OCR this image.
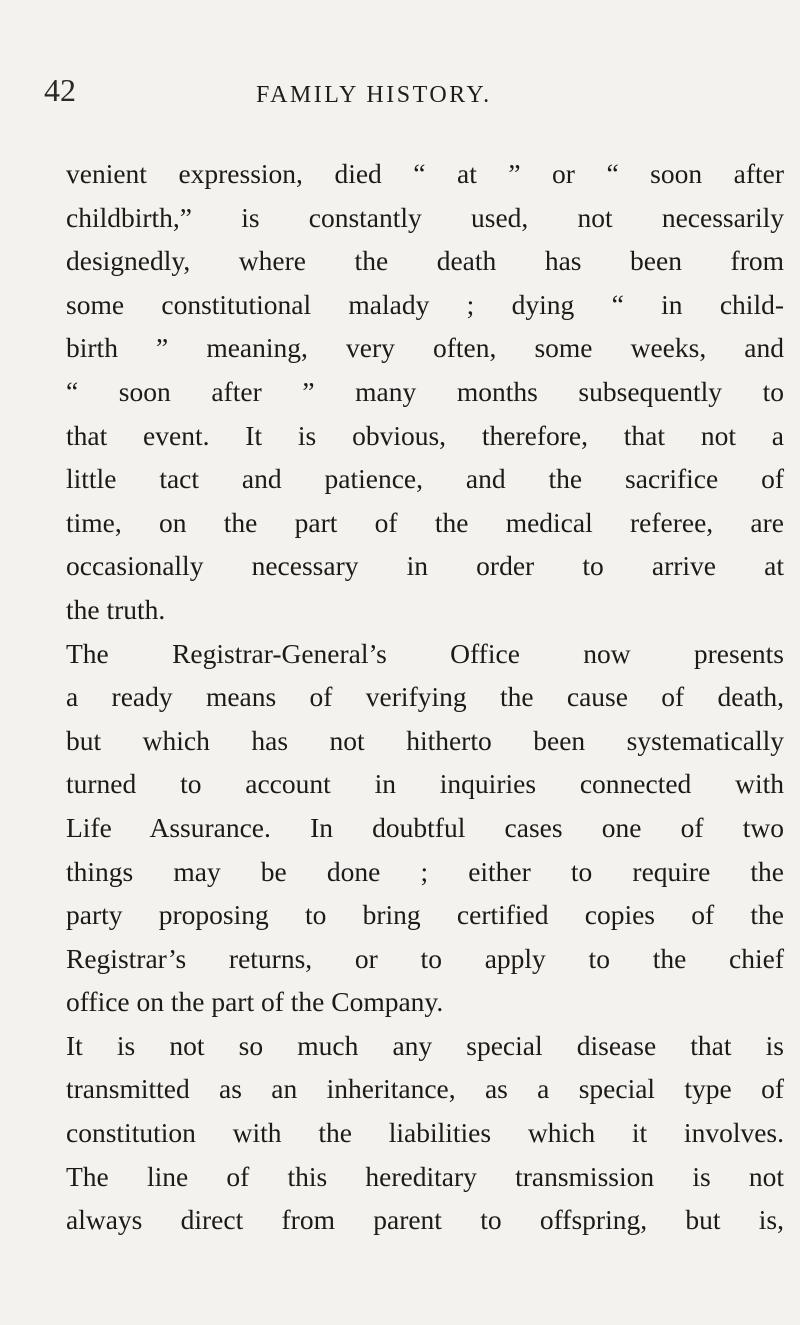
42	FAMILY HISTORY.
venient expression, died “ at ” or “ soon after
childbirth,” is constantly used, not necessarily
designedly, where the death has been from
some constitutional malady ; dying “ in child-
birth ” meaning, very often, some weeks, and
“ soon after ” many months subsequently to
that event. It is obvious, therefore, that not a
little tact and patience, and the sacrifice of
time, on the part of the medical referee, are
occasionally necessary in order to arrive at
the truth.
The Registrar-General’s Office now presents
a ready means of verifying the cause of death,
but which has not hitherto been systematically
turned to account in inquiries connected with
Life Assurance. In doubtful cases one of two
things may be done ; either to require the
party proposing to bring certified copies of the
Registrar’s returns, or to apply to the chief
office on the part of the Company.
It is not so much any special disease that is
transmitted as an inheritance, as a special type of
constitution with the liabilities which it involves.
The line of this hereditary transmission is not
always direct from parent to offspring, but is,
